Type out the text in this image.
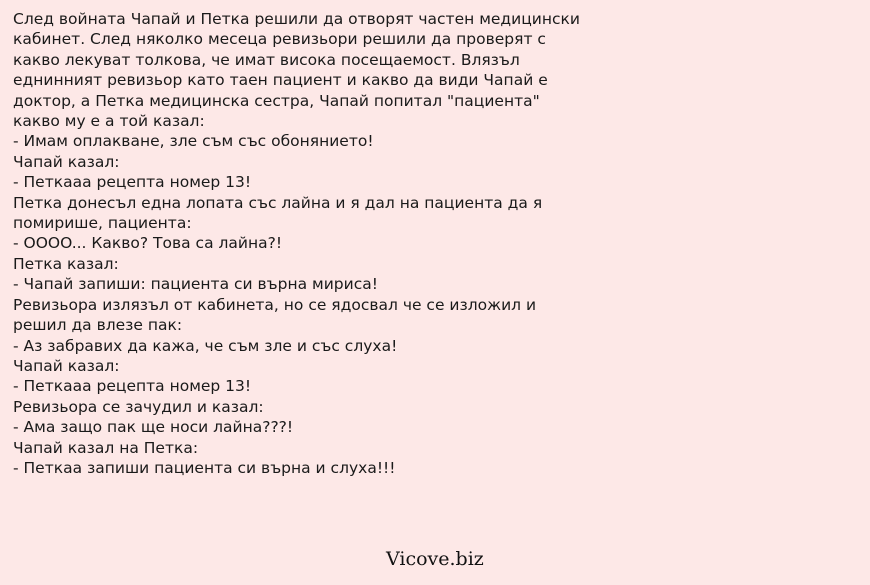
След войната Чапай и Петка решили да отворят частен медицински
кабинет. След няколко месеца ревизьори решили да проверят с
какво лекуват толкова, че имат висока посещаемост. Влязъл
еднинният ревизьор като таен пациент и какво да види Чапай е
доктор, а Петка медицинска сестра, Чапай попитал "пациента"
какво му е а той казал:
- Имам оплакване, зле съм със обонянието!
Чапай казал:
- Петкааа рецепта номер 13!
Петка донесъл една лопата със лайна и я дал на пациента да я
помирише, пациента:
- OOOO... Какво? Това са лайна?!
Петка казал:
- Чапай запиши: пациента си върна мириса!
Ревизьора излязъл от кабинета, но се ядосвал че се изложил и
решил да влезе пак:
- Аз забравих да кажа, че съм зле и със слуха!
Чапай казал:
- Петкааа рецепта номер 13!
Ревизьора се зачудил и казал:
- Ама защо пак ще носи лайна???!
Чапай казал на Петка:
- Петкаа запиши пациента си върна и слуха!!!
Vicove.biz
